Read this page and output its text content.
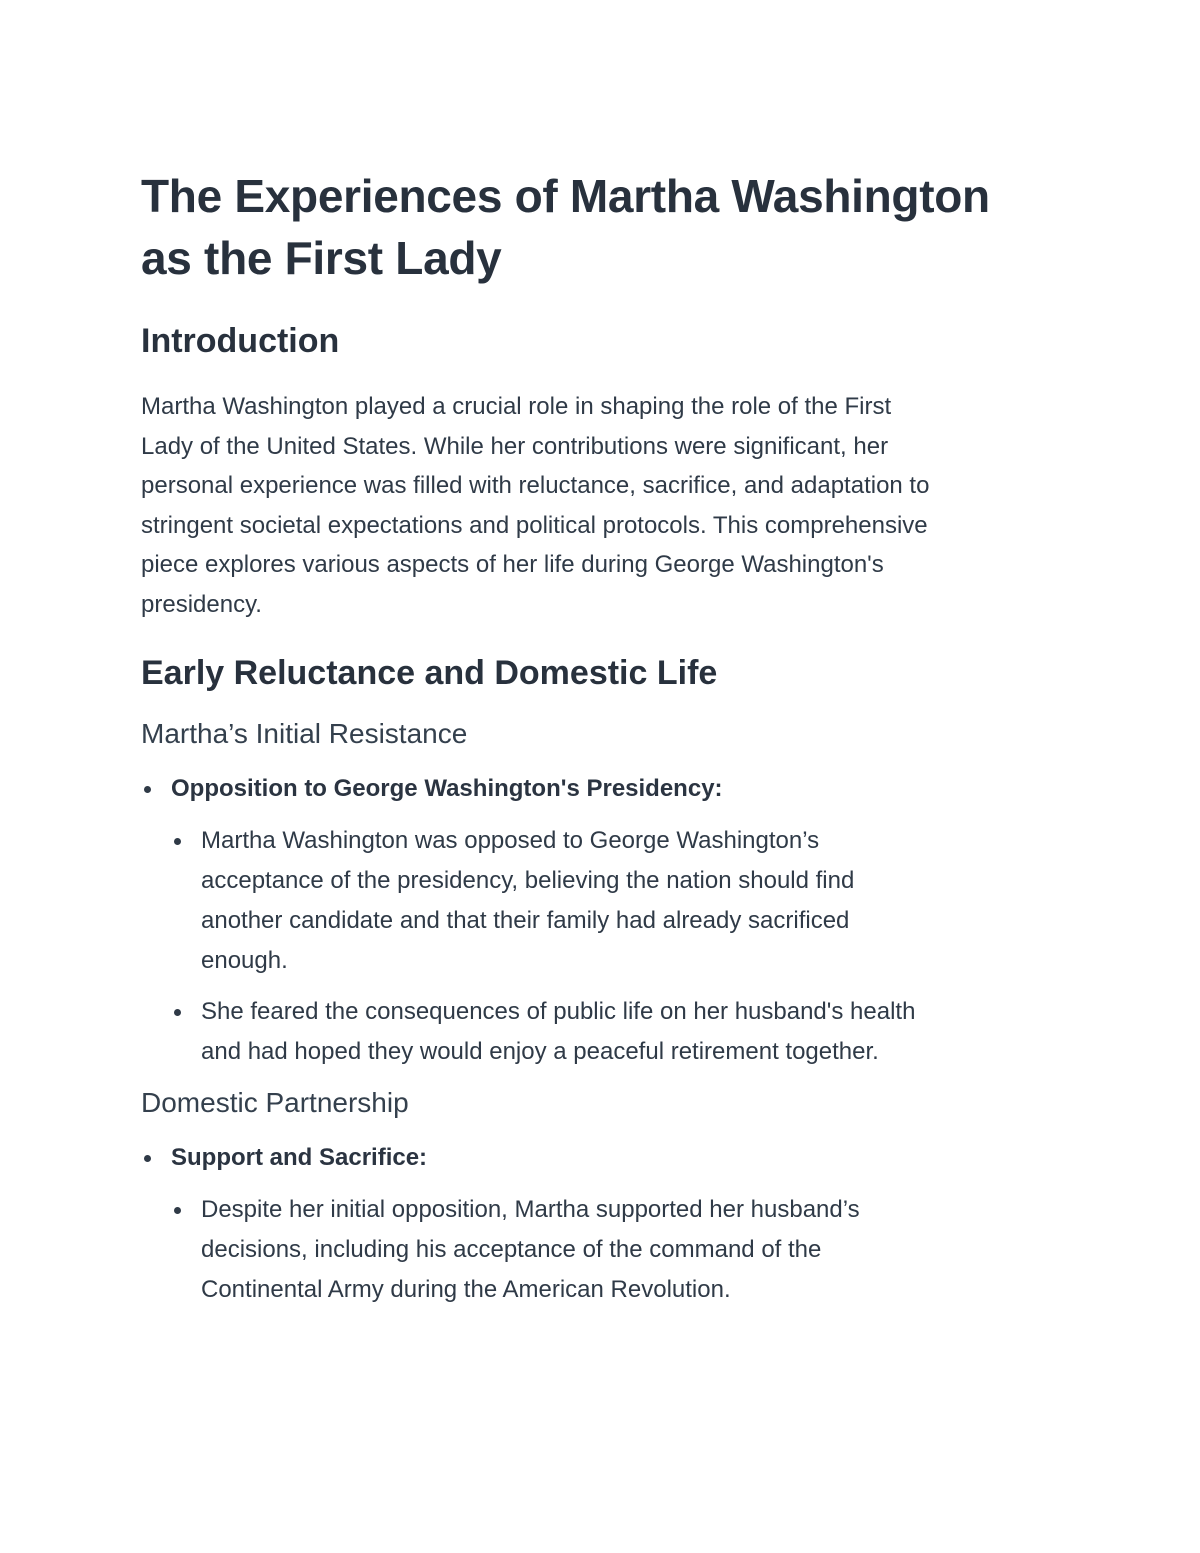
The Experiences of Martha Washington
as the First Lady
Introduction

Martha Washington played a crucial role in shaping the role of the First
Lady of the United States. While her contributions were significant, her
personal experience was filled with reluctance, sacrifice, and adaptation to
stringent societal expectations and political protocols. This comprehensive
piece explores various aspects of her life during George Washington's
presidency.

Early Reluctance and Domestic Life
Martha’s Initial Resistance
Opposition to George Washington's Presidency:
Martha Washington was opposed to George Washington’s
acceptance of the presidency, believing the nation should find
another candidate and that their family had already sacrificed
enough.
She feared the consequences of public life on her husband's health
and had hoped they would enjoy a peaceful retirement together.
Domestic Partnership
Support and Sacrifice:
Despite her initial opposition, Martha supported her husband’s
decisions, including his acceptance of the command of the
Continental Army during the American Revolution.
